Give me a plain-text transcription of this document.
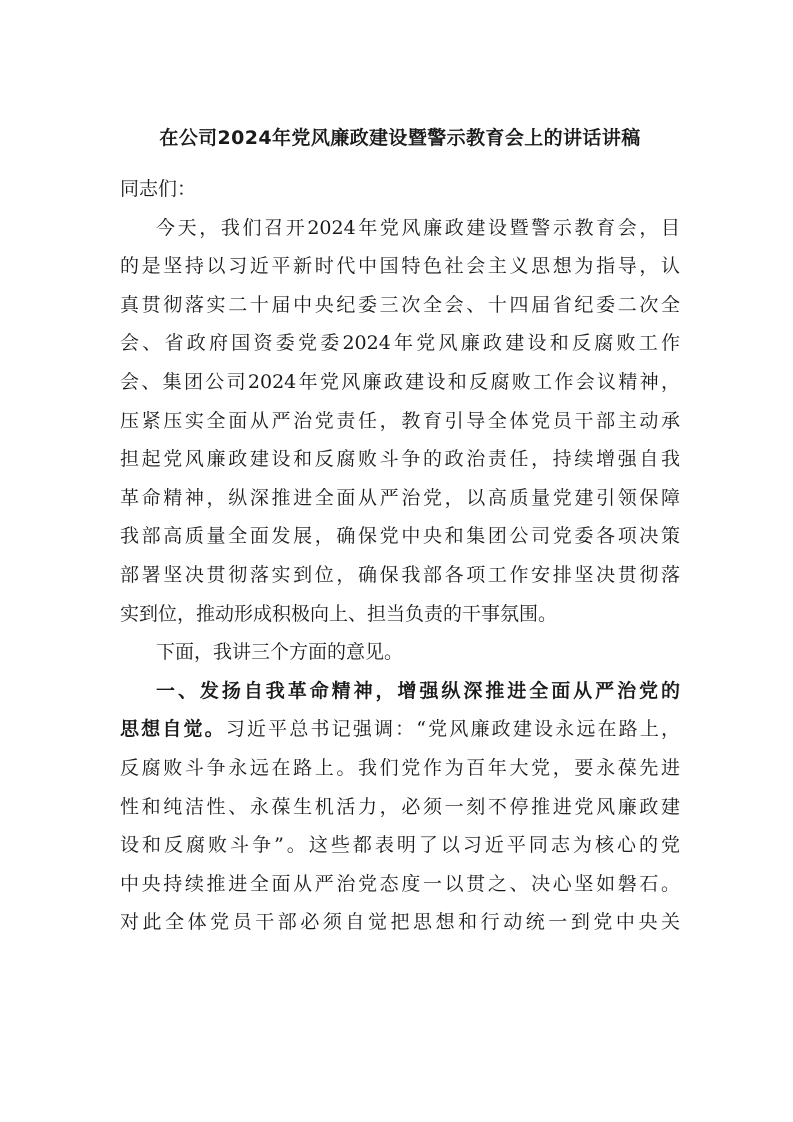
在公司2024年党风廉政建设暨警示教育会上的讲话讲稿
同志们：
今天，我们召开2024年党风廉政建设暨警示教育会，目
的是坚持以习近平新时代中国特色社会主义思想为指导，认
真贯彻落实二十届中央纪委三次全会、十四届省纪委二次全
会、省政府国资委党委2024年党风廉政建设和反腐败工作
会、集团公司2024年党风廉政建设和反腐败工作会议精神，
压紧压实全面从严治党责任，教育引导全体党员干部主动承
担起党风廉政建设和反腐败斗争的政治责任，持续增强自我
革命精神，纵深推进全面从严治党，以高质量党建引领保障
我部高质量全面发展，确保党中央和集团公司党委各项决策
部署坚决贯彻落实到位，确保我部各项工作安排坚决贯彻落
实到位，推动形成积极向上、担当负责的干事氛围。
下面，我讲三个方面的意见。
一、发扬自我革命精神，增强纵深推进全面从严治党的
思想自觉。习近平总书记强调：“党风廉政建设永远在路上，
反腐败斗争永远在路上。我们党作为百年大党，要永葆先进
性和纯洁性、永葆生机活力，必须一刻不停推进党风廉政建
设和反腐败斗争”。这些都表明了以习近平同志为核心的党
中央持续推进全面从严治党态度一以贯之、决心坚如磐石。
对此全体党员干部必须自觉把思想和行动统一到党中央关
